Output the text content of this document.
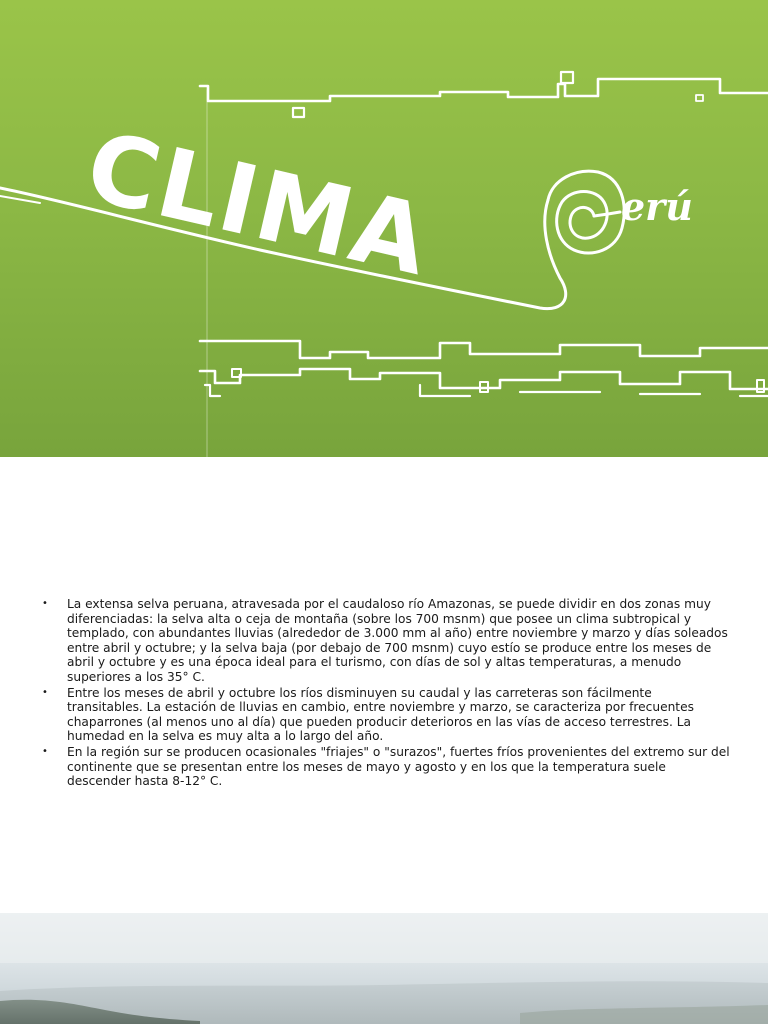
CLIMA	erú
• La extensa selva peruana, atravesada por el caudaloso río Amazonas, se puede dividir en dos zonas muy diferenciadas: la selva alta o ceja de montaña (sobre los 700 msnm) que posee un clima subtropical y templado, con abundantes lluvias (alrededor de 3.000 mm al año) entre noviembre y marzo y días soleados entre abril y octubre; y la selva baja (por debajo de 700 msnm) cuyo estío se produce entre los meses de abril y octubre y es una época ideal para el turismo, con días de sol y altas temperaturas, a menudo superiores a los 35° C.
• Entre los meses de abril y octubre los ríos disminuyen su caudal y las carreteras son fácilmente transitables. La estación de lluvias en cambio, entre noviembre y marzo, se caracteriza por frecuentes chaparrones (al menos uno al día) que pueden producir deterioros en las vías de acceso terrestres. La humedad en la selva es muy alta a lo largo del año.
• En la región sur se producen ocasionales "friajes" o "surazos", fuertes fríos provenientes del extremo sur del continente que se presentan entre los meses de mayo y agosto y en los que la temperatura suele descender hasta 8-12° C.
